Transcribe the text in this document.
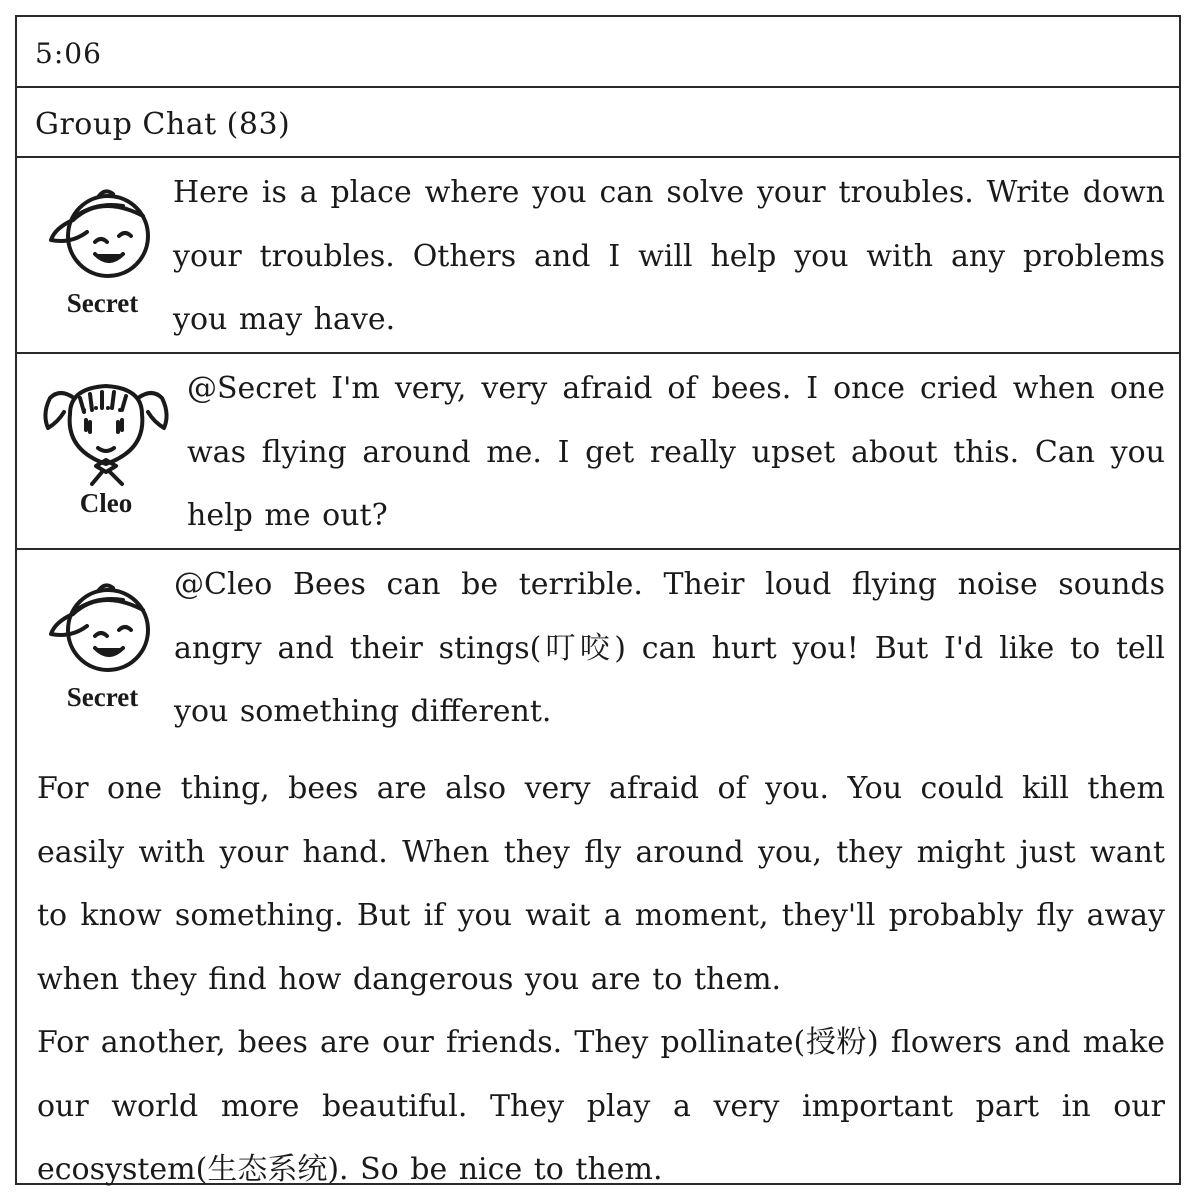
5:06
Group Chat (83)
Secret
Here is a place where you can solve your troubles. Write down your troubles. Others and I will help you with any problems you may have.
Cleo
@Secret I'm very, very afraid of bees. I once cried when one was flying around me. I get really upset about this. Can you help me out?
Secret
@Cleo Bees can be terrible. Their loud flying noise sounds angry and their stings(叮咬) can hurt you! But I'd like to tell you something different.
For one thing, bees are also very afraid of you. You could kill them easily with your hand. When they fly around you, they might just want to know something. But if you wait a moment, they'll probably fly away when they find how dangerous you are to them.
For another, bees are our friends. They pollinate(授粉) flowers and make our world more beautiful. They play a very important part in our ecosystem(生态系统). So be nice to them.
